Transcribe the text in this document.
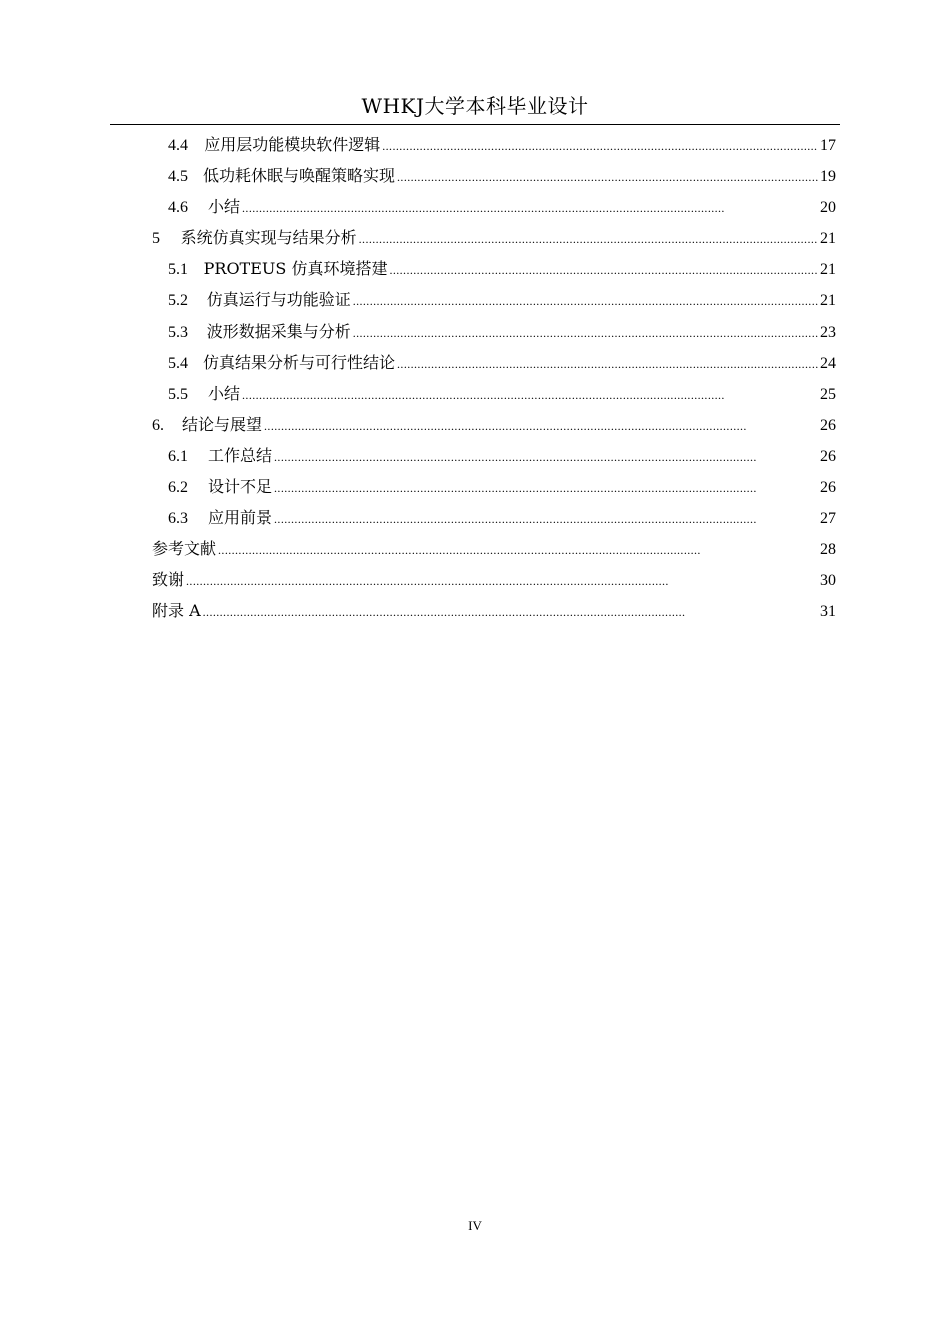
WHKJ大学本科毕业设计
4.4	应用层功能模块软件逻辑 . . .	17
4.5 低功耗休眠与唤醒策略实现 . . .	19
4.6	小结 . . .	20
5	系统仿真实现与结果分析 . . .	21
5.1 PROTEUS 仿真环境搭建 . . .	21
5.2	仿真运行与功能验证 . . .	21
5.3	波形数据采集与分析 . . .	23
5.4 仿真结果分析与可行性结论 . . .	24
5.5	小结 . . .	25
6.	结论与展望 . . .	26
6.1	工作总结 . . .	26
6.2	设计不足 . . .	26
6.3	应用前景 . . .	27
参考文献 . . .	28
致谢 . . .	30
附录 A . . .	31
IV
